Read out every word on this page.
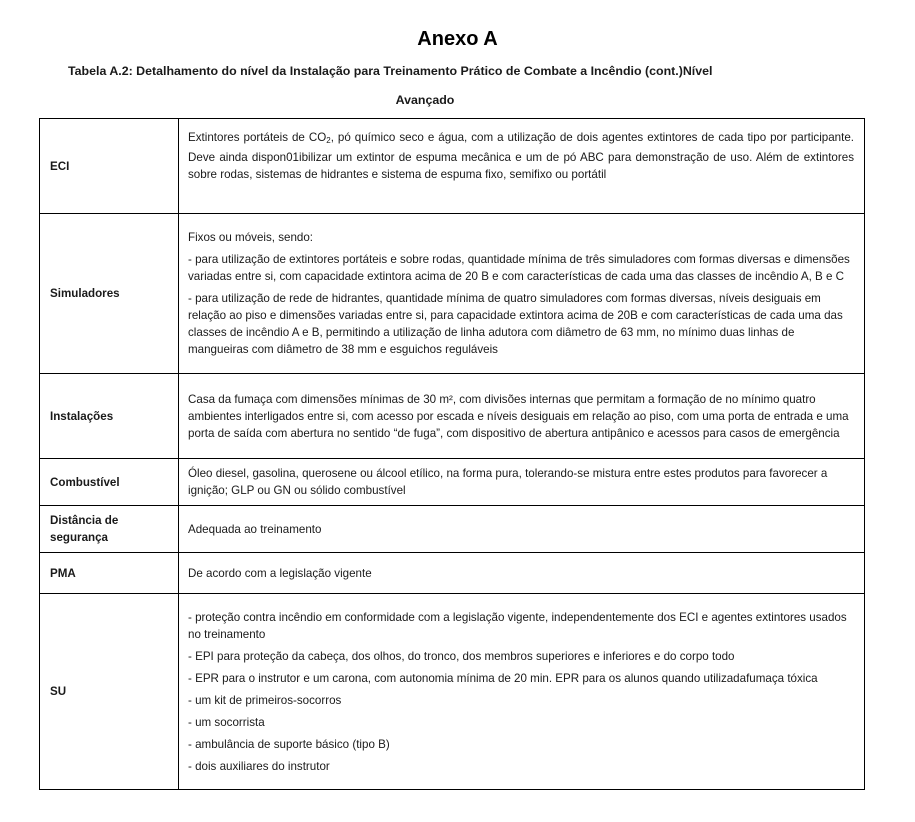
Anexo A

Tabela A.2: Detalhamento do nível da Instalação para Treinamento Prático de Combate a Incêndio (cont.)Nível

Avançado

ECI	Extintores portáteis de $CO_2$, pó químico seco e água, com a utilização de dois agentes extintores de cada tipo por participante. Deve ainda dispon01ibilizar um extintor de espuma mecânica e um de pó ABC para demonstração de uso. Além de extintores sobre rodas, sistemas de hidrantes e sistema de espuma fixo, semifixo ou portátil

Simuladores	Fixos ou móveis, sendo:

- para utilização de extintores portáteis e sobre rodas, quantidade mínima de três simuladores com formas diversas e dimensões variadas entre si, com capacidade extintora acima de 20 B e com características de cada uma das classes de incêndio A, B e C

- para utilização de rede de hidrantes, quantidade mínima de quatro simuladores com formas diversas, níveis desiguais em relação ao piso e dimensões variadas entre si, para capacidade extintora acima de 20B e com características de cada uma das classes de incêndio A e B, permitindo a utilização de linha adutora com diâmetro de 63 mm, no mínimo duas linhas de mangueiras com diâmetro de 38 mm e esguichos reguláveis

Instalações	Casa da fumaça com dimensões mínimas de 30 m², com divisões internas que permitam a formação de no mínimo quatro ambientes interligados entre si, com acesso por escada e níveis desiguais em relação ao piso, com uma porta de entrada e uma porta de saída com abertura no sentido “de fuga”, com dispositivo de abertura antipânico e acessos para casos de emergência

Combustível	Óleo diesel, gasolina, querosene ou álcool etílico, na forma pura, tolerando-se mistura entre estes produtos para favorecer a ignição; GLP ou GN ou sólido combustível

Distância de segurança	Adequada ao treinamento

PMA	De acordo com a legislação vigente

SU	

- proteção contra incêndio em conformidade com a legislação vigente, independentemente dos ECI e agentes extintores usados no treinamento

- EPI para proteção da cabeça, dos olhos, do tronco, dos membros superiores e inferiores e do corpo todo

- EPR para o instrutor e um carona, com autonomia mínima de 20 min. EPR para os alunos quando utilizadafumaça tóxica

- um kit de primeiros-socorros

- um socorrista

- ambulância de suporte básico (tipo B)

- dois auxiliares do instrutor
